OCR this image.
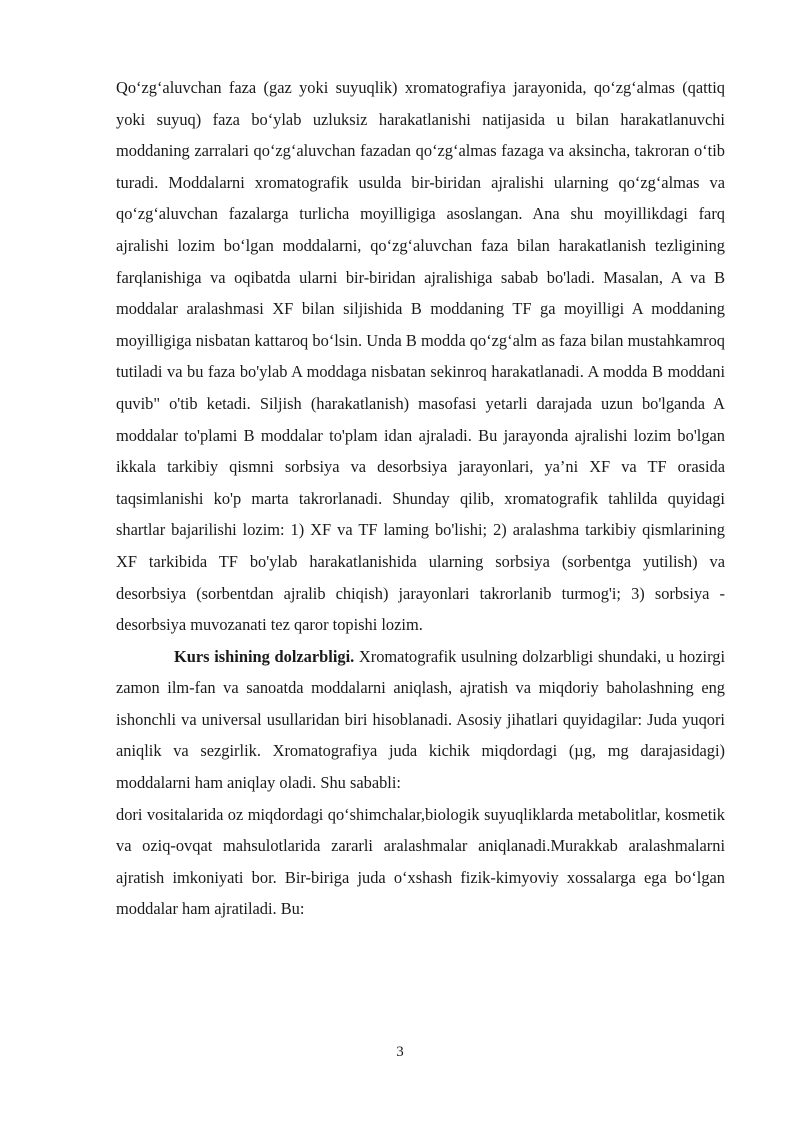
Qo‘zg‘aluvchan faza (gaz yoki suyuqlik) xromatografiya jarayonida, qo‘zg‘almas (qattiq yoki suyuq) faza bo‘ylab uzluksiz harakatlanishi natijasida u bilan harakatlanuvchi moddaning zarralari qo‘zg‘aluvchan fazadan qo‘zg‘almas fazaga va aksincha, takroran o‘tib turadi. Moddalarni xromatografik usulda bir-biridan ajralishi ularning qo‘zg‘almas va qo‘zg‘aluvchan fazalarga turlicha moyilligiga asoslangan. Ana shu moyillikdagi farq ajralishi lozim bo‘lgan moddalarni, qo‘zg‘aluvchan faza bilan harakatlanish tezligining farqlanishiga va oqibatda ularni bir-biridan ajralishiga sabab bo'ladi. Masalan, A va B moddalar aralashmasi XF bilan siljishida B moddaning TF ga moyilligi A moddaning moyilligiga nisbatan kattaroq bo‘lsin. Unda B modda qo‘zg‘alm as faza bilan mustahkamroq tutiladi va bu faza bo'ylab A moddaga nisbatan sekinroq harakatlanadi. A modda B moddani quvib" o'tib ketadi. Siljish (harakatlanish) masofasi yetarli darajada uzun bo'lganda A moddalar to'plami B moddalar to'plam idan ajraladi. Bu jarayonda ajralishi lozim bo'lgan ikkala tarkibiy qismni sorbsiya va desorbsiya jarayonlari, ya’ni XF va TF orasida taqsimlanishi ko'p marta takrorlanadi. Shunday qilib, xromatografik tahlilda quyidagi shartlar bajarilishi lozim: 1) XF va TF laming bo'lishi; 2) aralashma tarkibiy qismlarining XF tarkibida TF bo'ylab harakatlanishida ularning sorbsiya (sorbentga yutilish) va desorbsiya (sorbentdan ajralib chiqish) jarayonlari takrorlanib turmog'i; 3) sorbsiya - desorbsiya muvozanati tez qaror topishi lozim.

Kurs ishining dolzarbligi. Xromatografik usulning dolzarbligi shundaki, u hozirgi zamon ilm-fan va sanoatda moddalarni aniqlash, ajratish va miqdoriy baholashning eng ishonchli va universal usullaridan biri hisoblanadi. Asosiy jihatlari quyidagilar: Juda yuqori aniqlik va sezgirlik. Xromatografiya juda kichik miqdordagi (µg, mg darajasidagi) moddalarni ham aniqlay oladi. Shu sababli:

dori vositalarida oz miqdordagi qo‘shimchalar,biologik suyuqliklarda metabolitlar, kosmetik va oziq-ovqat mahsulotlarida zararli aralashmalar aniqlanadi.Murakkab aralashmalarni ajratish imkoniyati bor. Bir-biriga juda o‘xshash fizik-kimyoviy xossalarga ega bo‘lgan moddalar ham ajratiladi. Bu:

3
